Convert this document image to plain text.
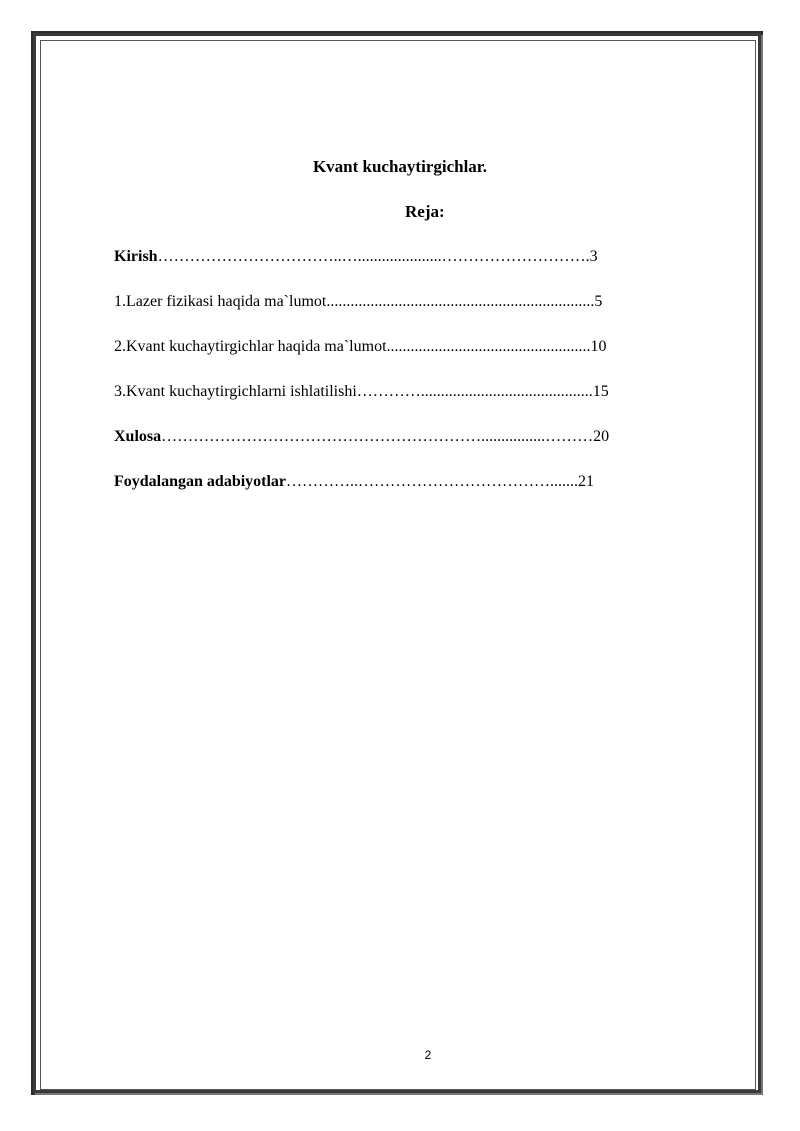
Kvant kuchaytirgichlar.
Reja:
Kirish……………………………..….....................……………………….3
1.Lazer fizikasi haqida ma`lumot...................................................................5
2.Kvant kuchaytirgichlar haqida ma`lumot...................................................10
3.Kvant kuchaytirgichlarni ishlatilishi…………...........................................15
Xulosa……………………………………………………................………20
Foydalangan adabiyotlar…………..……………………………….......21
2
